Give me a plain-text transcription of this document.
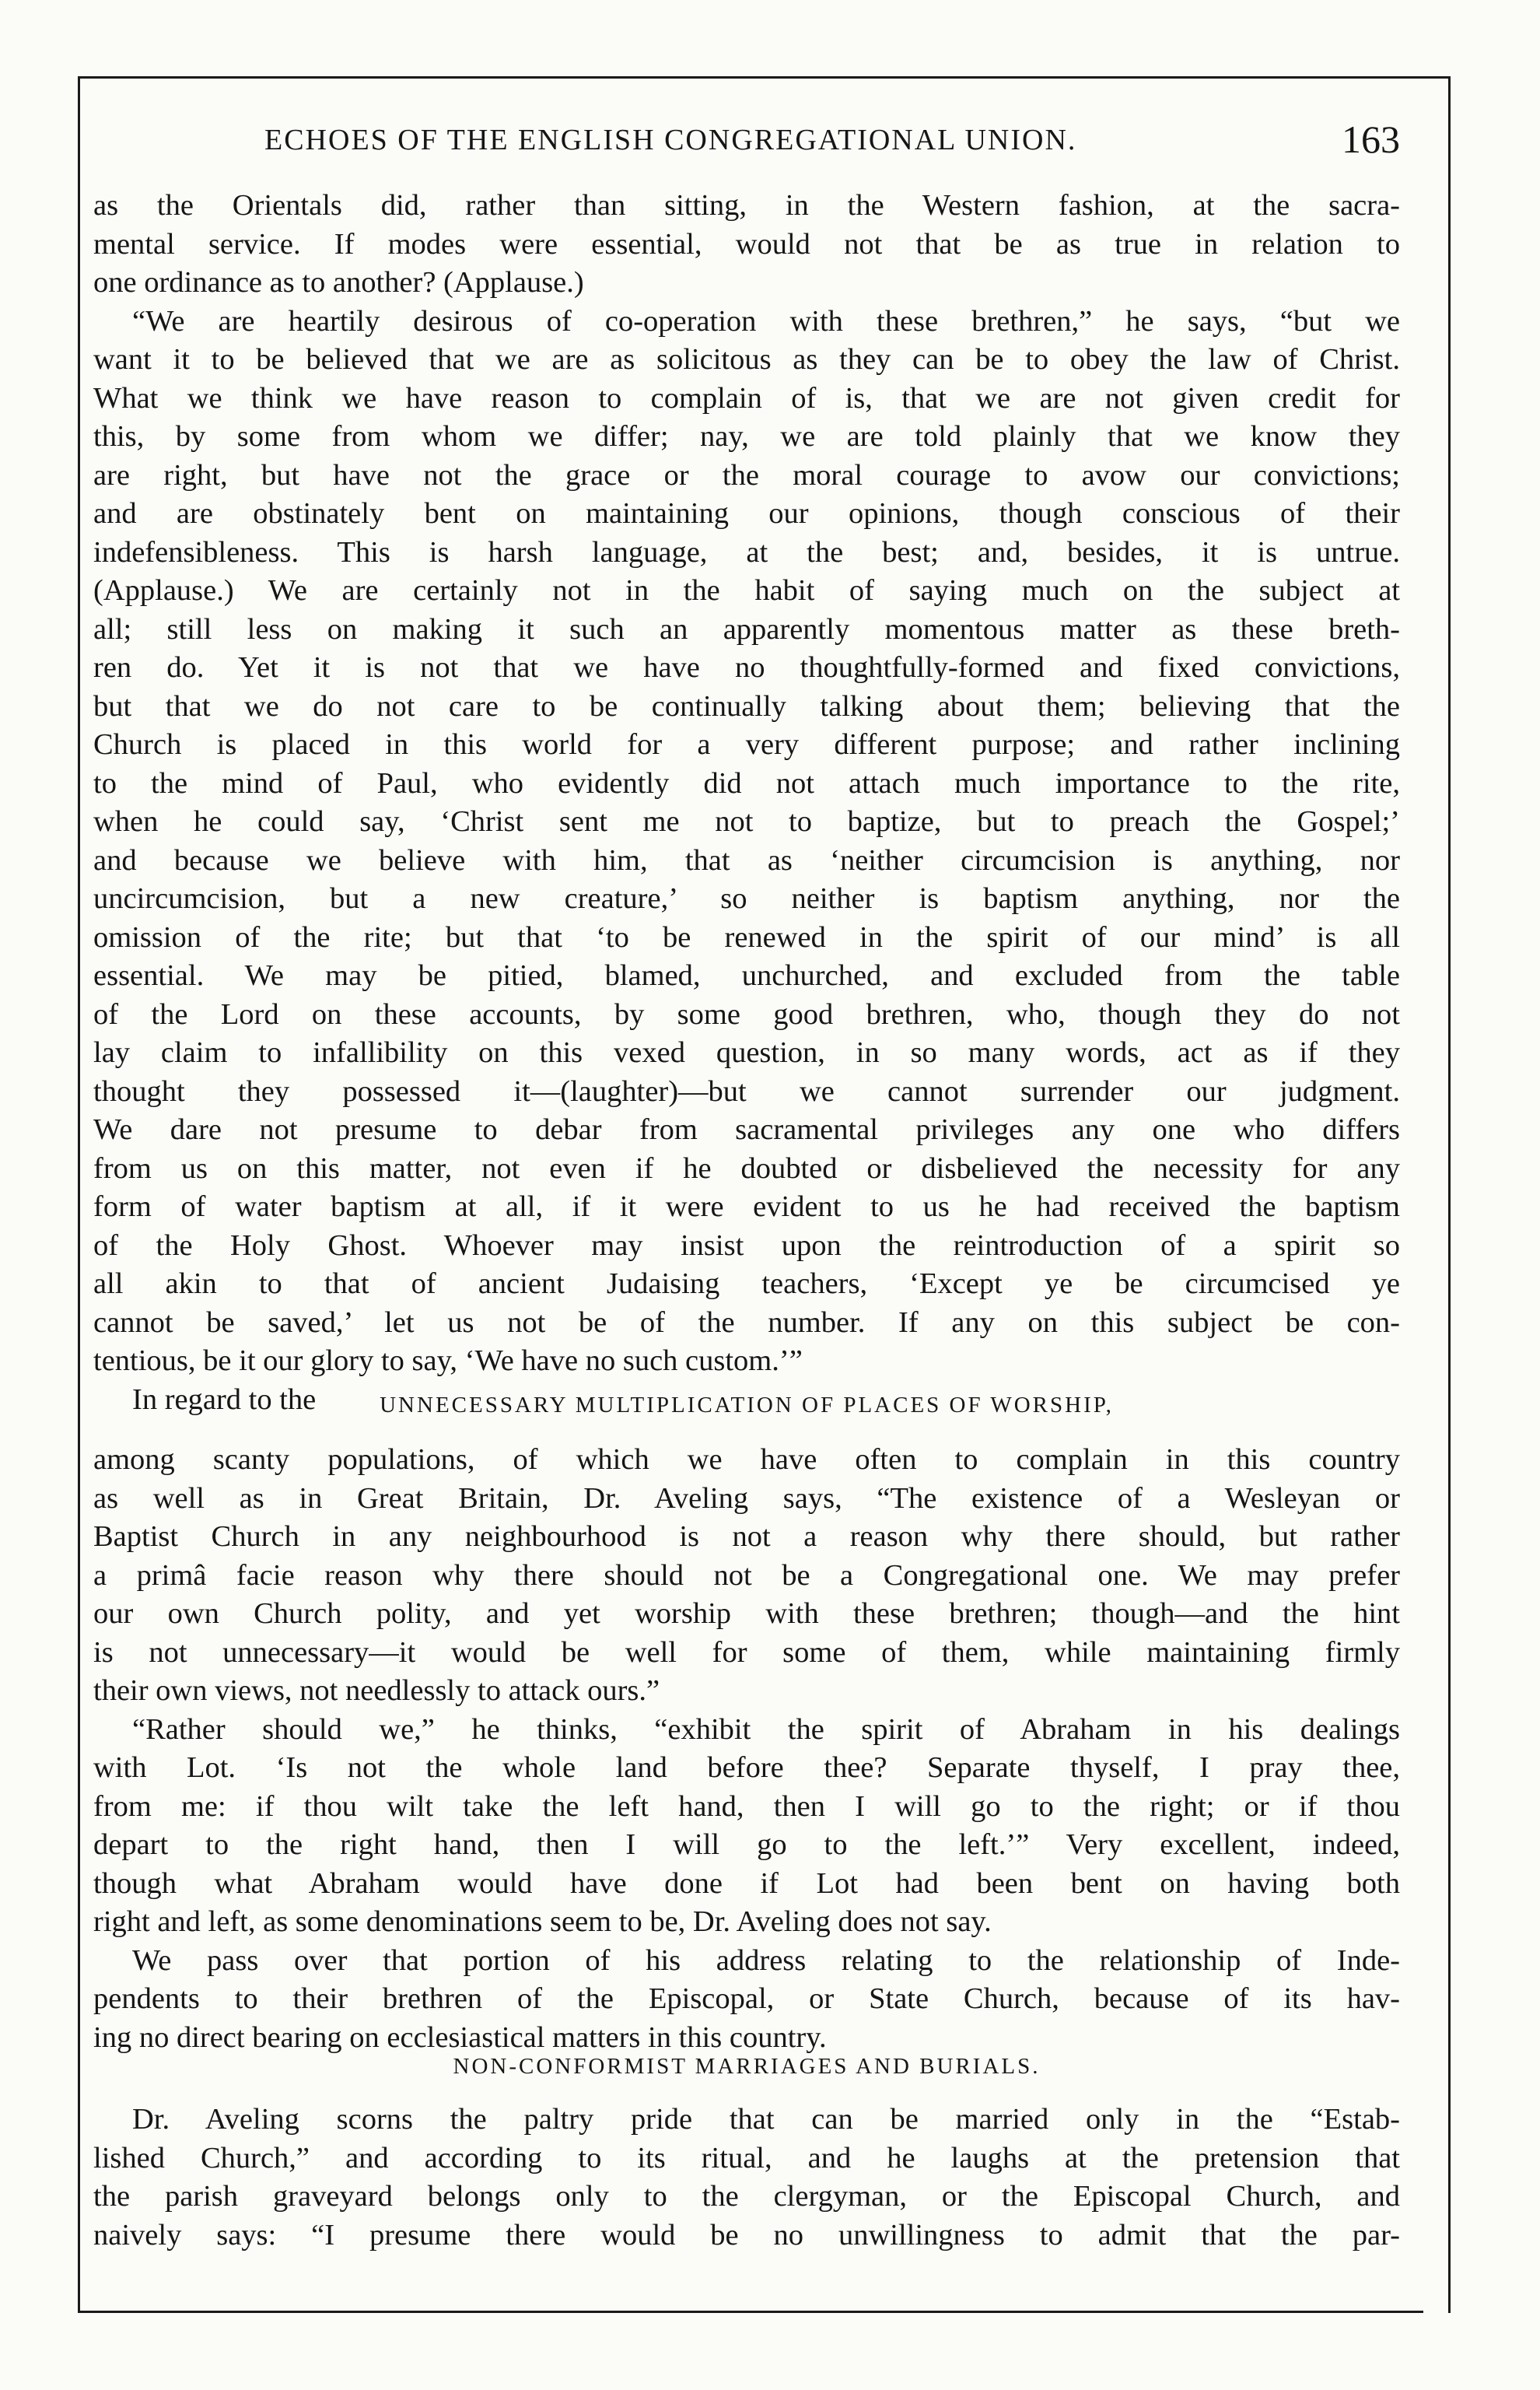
ECHOES OF THE ENGLISH CONGREGATIONAL UNION.	163
as the Orientals did, rather than sitting, in the Western fashion, at the sacra-
mental service. If modes were essential, would not that be as true in relation to
one ordinance as to another? (Applause.)
“We are heartily desirous of co-operation with these brethren,” he says, “but we
want it to be believed that we are as solicitous as they can be to obey the law of Christ.
What we think we have reason to complain of is, that we are not given credit for
this, by some from whom we differ; nay, we are told plainly that we know they
are right, but have not the grace or the moral courage to avow our convictions;
and are obstinately bent on maintaining our opinions, though conscious of their
indefensibleness. This is harsh language, at the best; and, besides, it is untrue.
(Applause.) We are certainly not in the habit of saying much on the subject at
all; still less on making it such an apparently momentous matter as these breth-
ren do. Yet it is not that we have no thoughtfully-formed and fixed convictions,
but that we do not care to be continually talking about them; believing that the
Church is placed in this world for a very different purpose; and rather inclining
to the mind of Paul, who evidently did not attach much importance to the rite,
when he could say, ‘Christ sent me not to baptize, but to preach the Gospel;’
and because we believe with him, that as ‘neither circumcision is anything, nor
uncircumcision, but a new creature,’ so neither is baptism anything, nor the
omission of the rite; but that ‘to be renewed in the spirit of our mind’ is all
essential. We may be pitied, blamed, unchurched, and excluded from the table
of the Lord on these accounts, by some good brethren, who, though they do not
lay claim to infallibility on this vexed question, in so many words, act as if they
thought they possessed it—(laughter)—but we cannot surrender our judgment.
We dare not presume to debar from sacramental privileges any one who differs
from us on this matter, not even if he doubted or disbelieved the necessity for any
form of water baptism at all, if it were evident to us he had received the baptism
of the Holy Ghost. Whoever may insist upon the reintroduction of a spirit so
all akin to that of ancient Judaising teachers, ‘Except ye be circumcised ye
cannot be saved,’ let us not be of the number. If any on this subject be con-
tentious, be it our glory to say, ‘We have no such custom.’”
In regard to the	UNNECESSARY MULTIPLICATION OF PLACES OF WORSHIP,
among scanty populations, of which we have often to complain in this country
as well as in Great Britain, Dr. Aveling says, “The existence of a Wesleyan or
Baptist Church in any neighbourhood is not a reason why there should, but rather
a primâ facie reason why there should not be a Congregational one. We may prefer
our own Church polity, and yet worship with these brethren; though—and the hint
is not unnecessary—it would be well for some of them, while maintaining firmly
their own views, not needlessly to attack ours.”
“Rather should we,” he thinks, “exhibit the spirit of Abraham in his dealings
with Lot. ‘Is not the whole land before thee? Separate thyself, I pray thee,
from me: if thou wilt take the left hand, then I will go to the right; or if thou
depart to the right hand, then I will go to the left.’” Very excellent, indeed,
though what Abraham would have done if Lot had been bent on having both
right and left, as some denominations seem to be, Dr. Aveling does not say.
We pass over that portion of his address relating to the relationship of Inde-
pendents to their brethren of the Episcopal, or State Church, because of its hav-
ing no direct bearing on ecclesiastical matters in this country.
NON-CONFORMIST MARRIAGES AND BURIALS.
Dr. Aveling scorns the paltry pride that can be married only in the “Estab-
lished Church,” and according to its ritual, and he laughs at the pretension that
the parish graveyard belongs only to the clergyman, or the Episcopal Church, and
naively says: “I presume there would be no unwillingness to admit that the par-
